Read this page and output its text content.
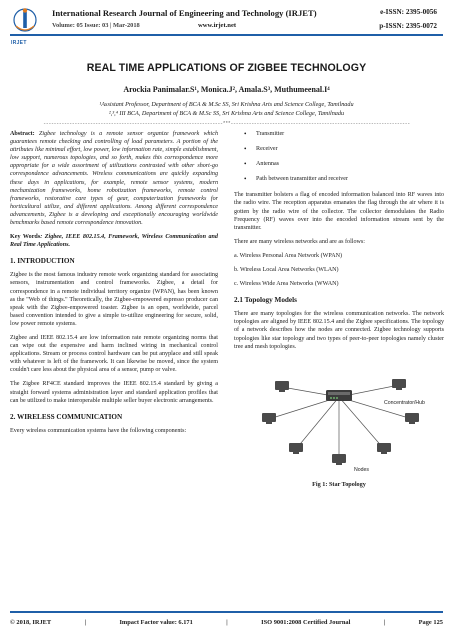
IRJET
International Research Journal of Engineering and Technology (IRJET)	e-ISSN: 2395-0056
Volume: 05 Issue: 03 | Mar-2018	www.irjet.net	p-ISSN: 2395-0072
REAL TIME APPLICATIONS OF ZIGBEE TECHNOLOGY
Arockia Panimalar.S¹, Monica.J², Amala.S³, Muthumeenal.I⁴
¹Assistant Professor, Department of BCA & M.Sc SS, Sri Krishna Arts and Science College, Tamilnadu
²,³,⁴ III BCA, Department of BCA & M.Sc SS, Sri Krishna Arts and Science College, Tamilnadu
---------------------------------------------------------------------***---------------------------------------------------------------------

Abstract: Zigbee technology is a remote sensor organize framework which guarantees remote checking and controlling of load parameters. A portion of the attributes like minimal effort, low power, low information rate, simple establishment, low support, numerous topologies, and so forth, makes this correspondence more appropriate for a wide assortment of utilizations contrasted with other short-go correspondence advancements. Wireless communications are quickly expanding these days in applications, for example, remote sensor systems, modern mechanization frameworks, home robotization frameworks, remote control frameworks, restorative care types of gear, computerization frameworks for horticultural utilize, and different applications. Among different correspondence advancements, Zigbee is a developing and exceptionally encouraging worldwide benchmarks based remote correspondence innovation.

Key Words: Zigbee, IEEE 802.15.4, Framework, Wireless Communication and Real Time Applications.

1. INTRODUCTION

Zigbee is the most famous industry remote work organizing standard for associating sensors, instrumentation and control frameworks. Zigbee, a detail for correspondence in a remote individual territory organize (WPAN), has been known as the "Web of things." Theoretically, the Zigbee-empowered espresso producer can speak with the Zigbee-empowered toaster. Zigbee is an open, worldwide, parcel based convention intended to give a simple to-utilize engineering for secure, solid, low power remote systems.

Zigbee and IEEE 802.15.4 are low information rate remote organizing norms that can wipe out the expensive and harm inclined wiring in mechanical control applications. Stream or process control hardware can be put anyplace and still speak with whatever is left of the framework. It can likewise be moved, since the system couldn't care less about the physical area of a sensor, pump or valve.

The Zigbee RF4CE standard improves the IEEE 802.15.4 standard by giving a straight forward systems administration layer and standard application profiles that can be utilized to make interoperable multiple seller buyer electronic arrangements.

2. WIRELESS COMMUNICATION

Every wireless communication systems have the following components:

• Transmitter
• Receiver
• Antennas
• Path between transmitter and receiver

The transmitter bolsters a flag of encoded information balanced into RF waves into the radio wire. The reception apparatus emanates the flag through the air where it is gotten by the radio wire of the collector. The collector demodulates the Radio Frequency (RF) waves over into the encoded information stream sent by the transmitter.

There are many wireless networks and are as follows:

a. Wireless Personal Area Network (WPAN)
b. Wireless Local Area Networks (WLAN)
c. Wireless Wide Area Networks (WWAN)
2.1 Topology Models

There are many topologies for the wireless communication networks. The network topologies are aligned by IEEE 802.15.4 and the Zigbee specifications. The topology of a network describes how the nodes are connected. Zigbee technology supports topologies like star topology and two types of peer-to-peer topologies namely cluster tree and mesh topologies.

Concentrator/Hub
Nodes
Fig 1: Star Topology
© 2018, IRJET	|	Impact Factor value: 6.171	|	ISO 9001:2008 Certified Journal	|	Page 125
